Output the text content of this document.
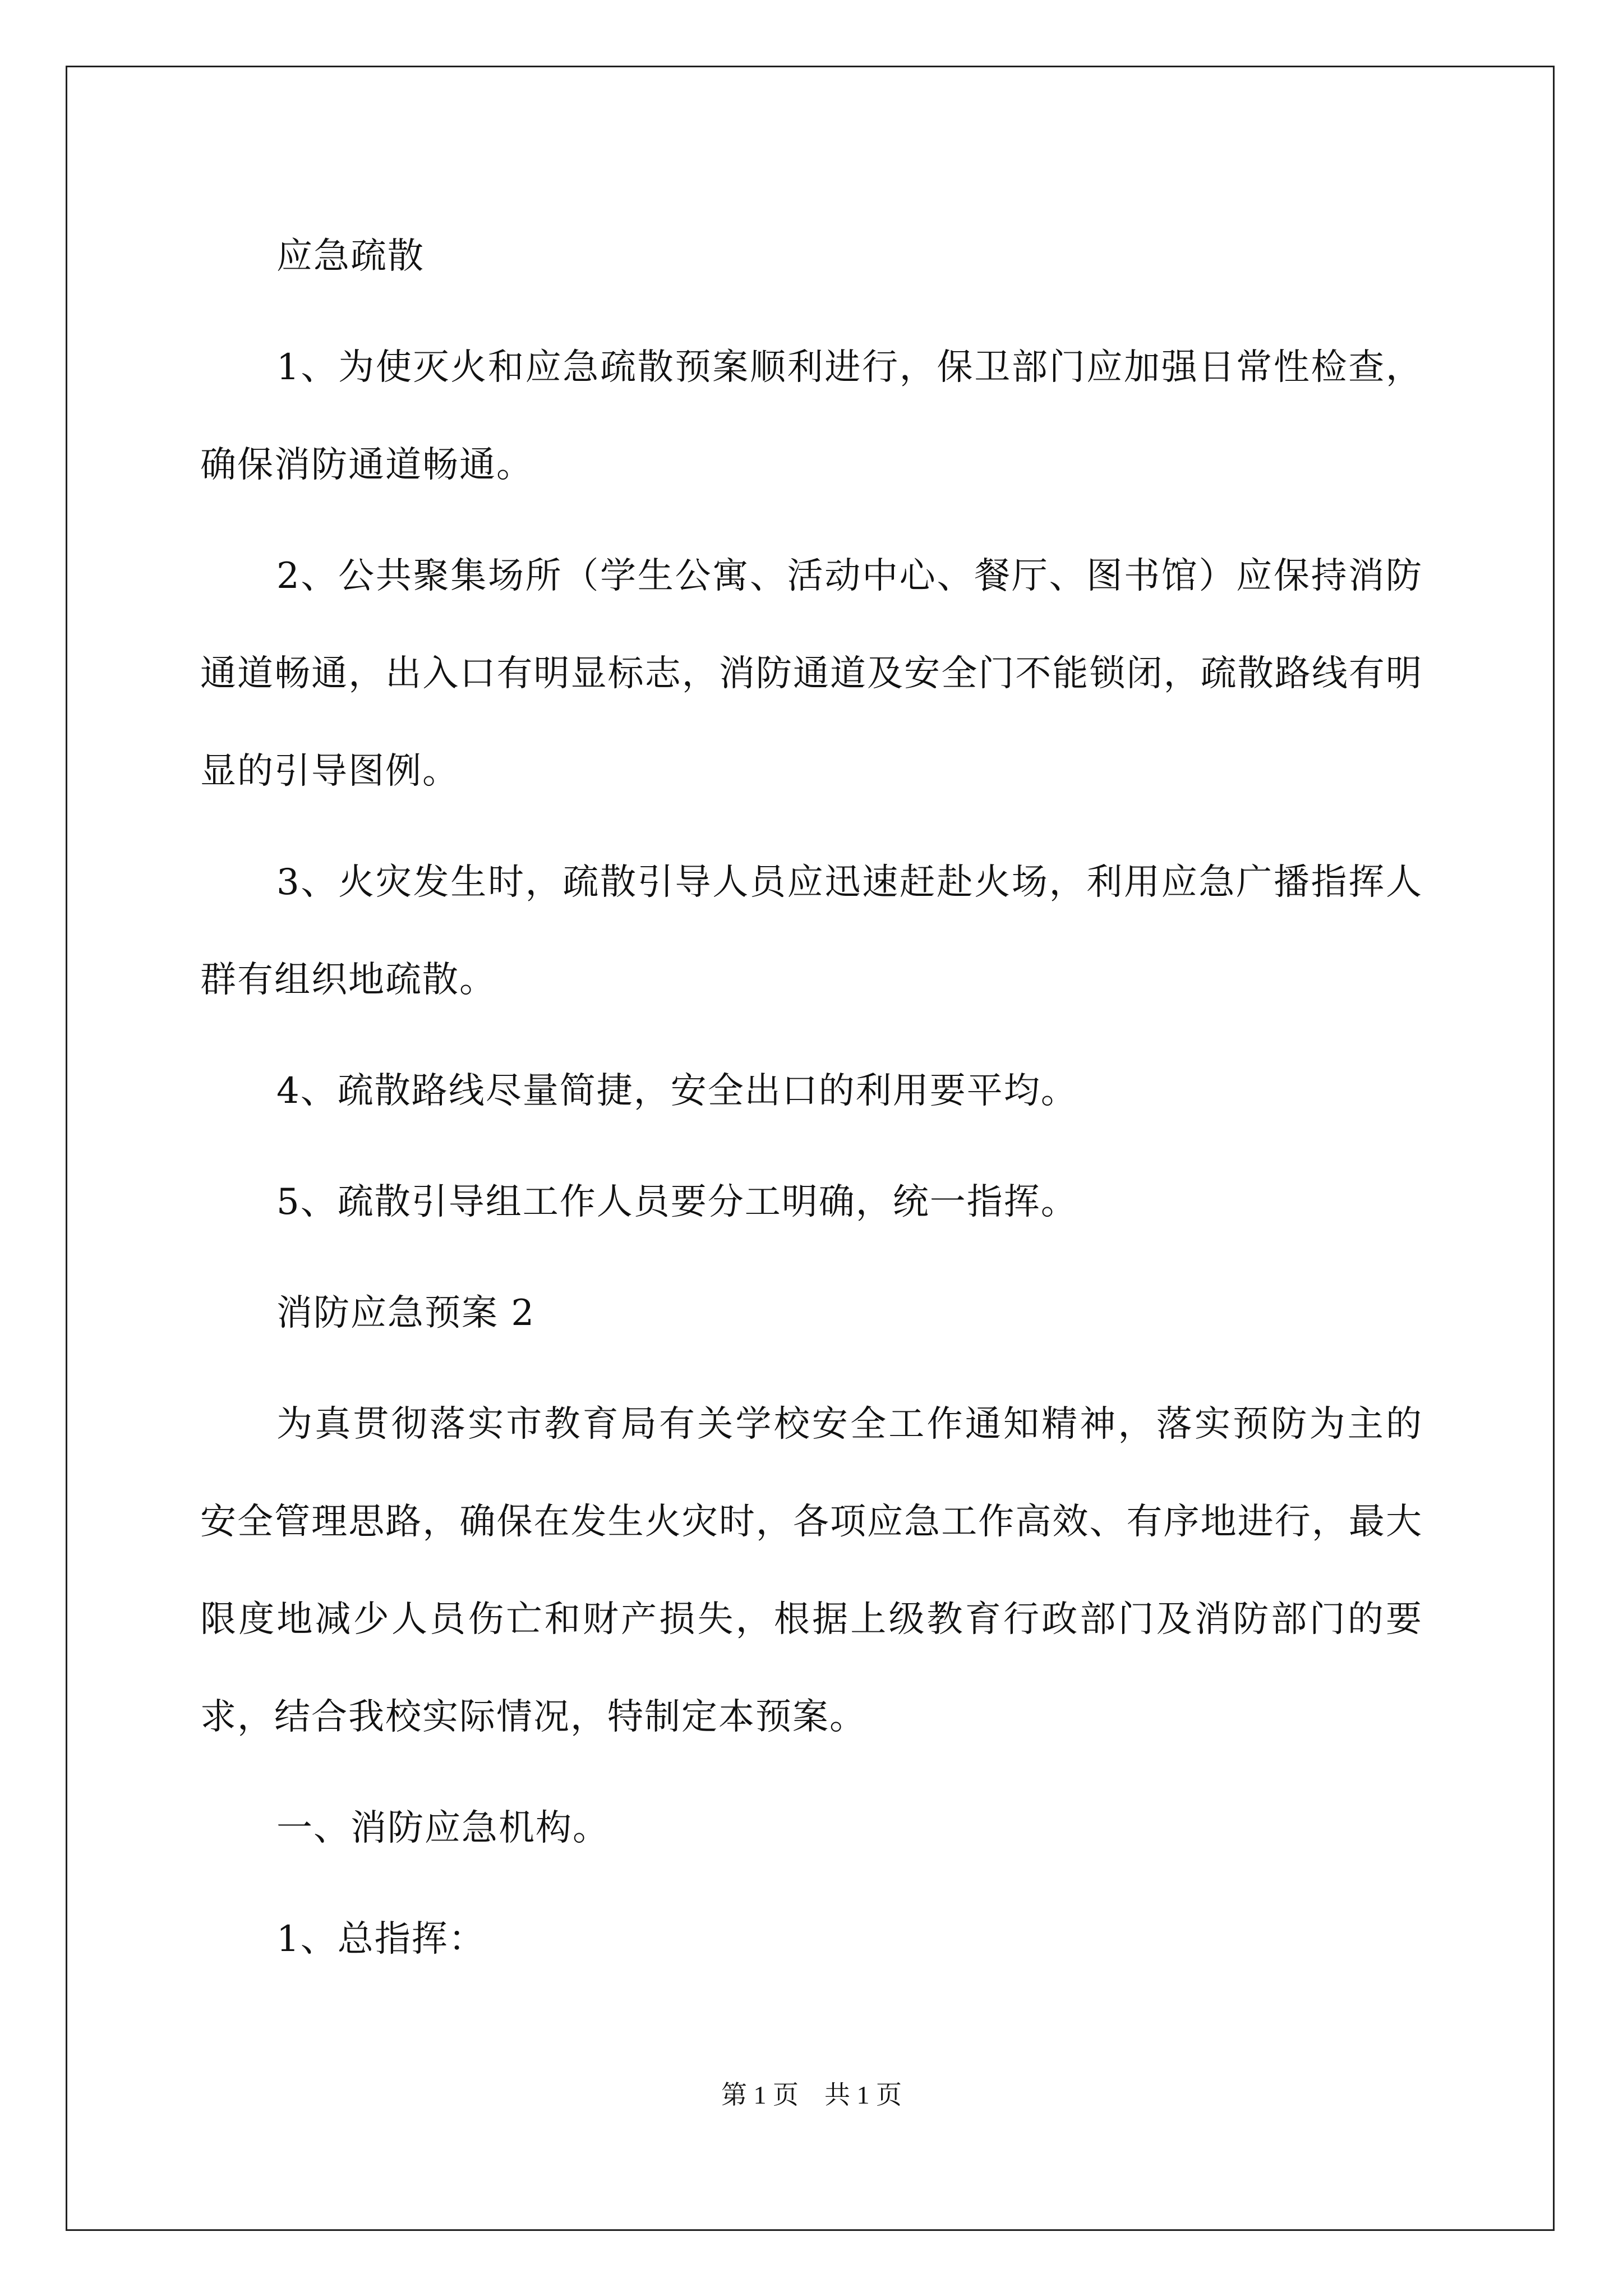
应急疏散

1、为使灭火和应急疏散预案顺利进行，保卫部门应加强日常性检查，确保消防通道畅通。

2、公共聚集场所（学生公寓、活动中心、餐厅、图书馆）应保持消防通道畅通，出入口有明显标志，消防通道及安全门不能锁闭，疏散路线有明显的引导图例。

3、火灾发生时，疏散引导人员应迅速赶赴火场，利用应急广播指挥人群有组织地疏散。

4、疏散路线尽量简捷，安全出口的利用要平均。

5、疏散引导组工作人员要分工明确，统一指挥。

消防应急预案 2

为真贯彻落实市教育局有关学校安全工作通知精神，落实预防为主的安全管理思路，确保在发生火灾时，各项应急工作高效、有序地进行，最大限度地减少人员伤亡和财产损失，根据上级教育行政部门及消防部门的要求，结合我校实际情况，特制定本预案。

一、消防应急机构。

1、总指挥：

第 1 页　共 1 页
